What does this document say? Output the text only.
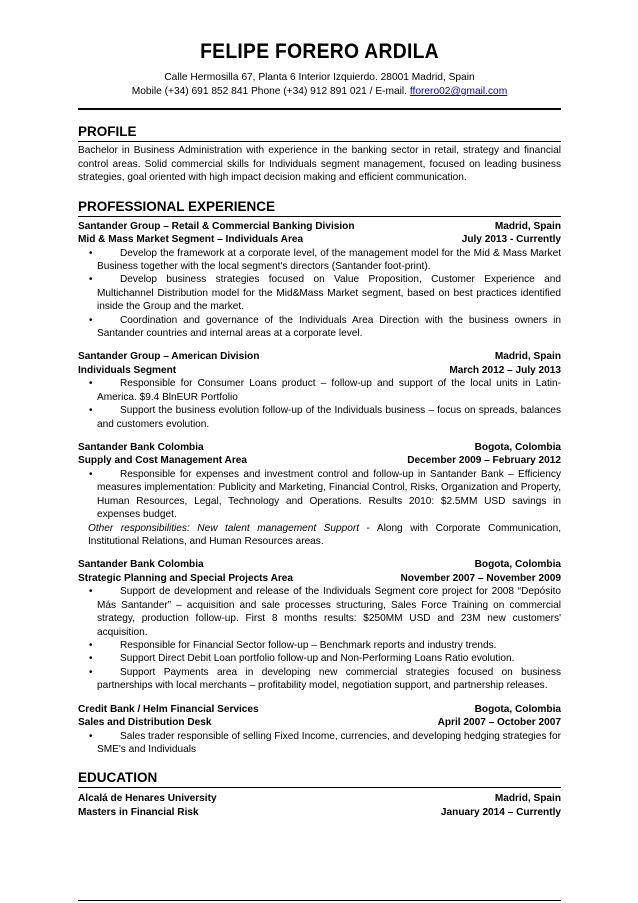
FELIPE FORERO ARDILA
Calle Hermosilla 67, Planta 6 Interior Izquierdo. 28001 Madrid, Spain
Mobile (+34) 691 852 841 Phone (+34) 912 891 021 / E-mail. fforero02@gmail.com
PROFILE
Bachelor in Business Administration with experience in the banking sector in retail, strategy and financial control areas. Solid commercial skills for Individuals segment management, focused on leading business strategies, goal oriented with high impact decision making and efficient communication.
PROFESSIONAL EXPERIENCE
Santander Group – Retail & Commercial Banking Division	Madrid, Spain
Mid & Mass Market Segment – Individuals Area	July 2013 - Currently
•	Develop the framework at a corporate level, of the management model for the Mid & Mass Market Business together with the local segment's directors (Santander foot-print).
•	Develop business strategies focused on Value Proposition, Customer Experience and Multichannel Distribution model for the Mid&Mass Market segment, based on best practices identified inside the Group and the market.
•	Coordination and governance of the Individuals Area Direction with the business owners in Santander countries and internal areas at a corporate level.
Santander Group – American Division	Madrid, Spain
Individuals Segment	March 2012 – July 2013
•	Responsible for Consumer Loans product – follow-up and support of the local units in Latin-America. $9.4 BlnEUR Portfolio
•	Support the business evolution follow-up of the Individuals business – focus on spreads, balances and customers evolution.
Santander Bank Colombia	Bogota, Colombia
Supply and Cost Management Area	December 2009 – February 2012
•	Responsible for expenses and investment control and follow-up in Santander Bank – Efficiency measures implementation: Publicity and Marketing, Financial Control, Risks, Organization and Property, Human Resources, Legal, Technology and Operations. Results 2010: $2.5MM USD savings in expenses budget.
Other responsibilities: New talent management Support - Along with Corporate Communication, Institutional Relations, and Human Resources areas.
Santander Bank Colombia	Bogota, Colombia
Strategic Planning and Special Projects Area	November 2007 – November 2009
•	Support de development and release of the Individuals Segment core project for 2008 “Depósito Más Santander” – acquisition and sale processes structuring, Sales Force Training on commercial strategy, production follow-up. First 8 months results: $250MM USD and 23M new customers' acquisition.
•	Responsible for Financial Sector follow-up – Benchmark reports and industry trends.
•	Support Direct Debit Loan portfolio follow-up and Non-Performing Loans Ratio evolution.
•	Support Payments area in developing new commercial strategies focused on business partnerships with local merchants – profitability model, negotiation support, and partnership releases.
Credit Bank / Helm Financial Services	Bogota, Colombia
Sales and Distribution Desk	April 2007 – October 2007
•	Sales trader responsible of selling Fixed Income, currencies, and developing hedging strategies for SME's and Individuals
EDUCATION
Alcalá de Henares University	Madrid, Spain
Masters in Financial Risk	January 2014 – Currently
